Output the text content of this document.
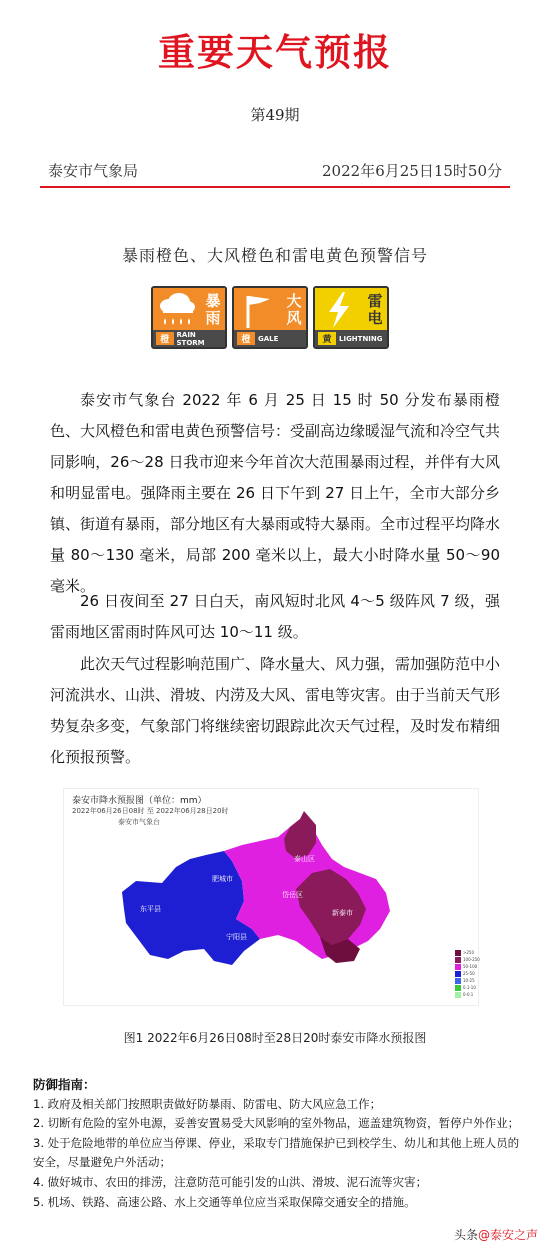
重要天气预报
第49期
泰安市气象局	2022年6月25日15时50分
暴雨橙色、大风橙色和雷电黄色预警信号
暴
雨
橙
RAIN STORM
大
风
橙	GALE
雷
电
黄	LIGHTNING

泰安市气象台 2022 年 6 月 25 日 15 时 50 分发布暴雨橙色、大风橙色和雷电黄色预警信号：受副高边缘暖湿气流和冷空气共同影响，26～28 日我市迎来今年首次大范围暴雨过程，并伴有大风和明显雷电。强降雨主要在 26 日下午到 27 日上午，全市大部分乡镇、街道有暴雨，部分地区有大暴雨或特大暴雨。全市过程平均降水量 80～130 毫米，局部 200 毫米以上，最大小时降水量 50～90 毫米。

26 日夜间至 27 日白天，南风短时北风 4～5 级阵风 7 级，强雷雨地区雷雨时阵风可达 10～11 级。

此次天气过程影响范围广、降水量大、风力强，需加强防范中小河流洪水、山洪、滑坡、内涝及大风、雷电等灾害。由于当前天气形势复杂多变，气象部门将继续密切跟踪此次天气过程，及时发布精细化预报预警。

泰安市降水预报图（单位：mm）
2022年06月26日08时 至 2022年06月28日20时
泰安市气象台
泰山区
肥城市
东平县
岱岳区
新泰市
宁阳县
>250
100-250
50-100
25-50
10-25
0.1-10
0-0.1
图1 2022年6月26日08时至28日20时泰安市降水预报图

防御指南：

1. 政府及相关部门按照职责做好防暴雨、防雷电、防大风应急工作；

2. 切断有危险的室外电源，妥善安置易受大风影响的室外物品，遮盖建筑物资，暂停户外作业；

3. 处于危险地带的单位应当停课、停业，采取专门措施保护已到校学生、幼儿和其他上班人员的安全，尽量避免户外活动；

4. 做好城市、农田的排涝，注意防范可能引发的山洪、滑坡、泥石流等灾害；

5. 机场、铁路、高速公路、水上交通等单位应当采取保障交通安全的措施。

头条@泰安之声
